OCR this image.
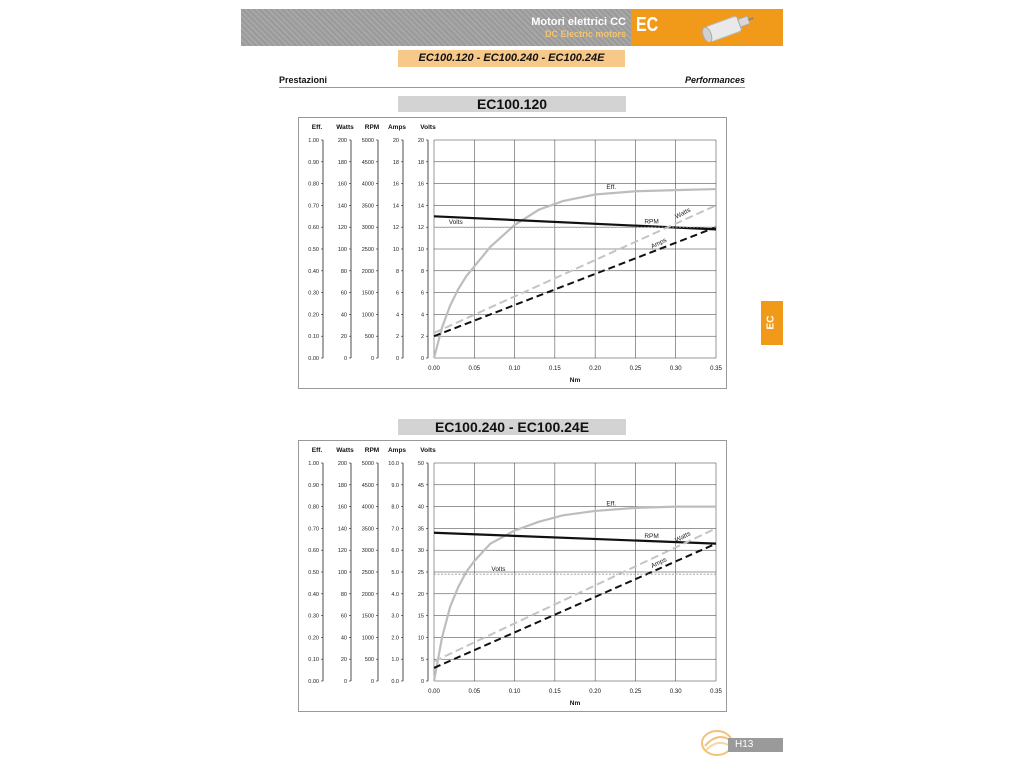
Motori elettrici CC
DC Electric motors EC
EC100.120 - EC100.240 - EC100.24E
Prestazioni	Performances
EC100.120
Eff.
1.00
0.90
0.80
0.70
0.60
0.50
0.40
0.30
0.20
0.10
0.00
Watts
200
180
160
140
120
100
80
60
40
20
0
RPM
5000
4500
4000
3500
3000
2500
2000
1500
1000
500
0
Amps
20
18
16
14
12
10
8
6
4
2
0
Volts
20
18
16
14
12
10
8
6
4
2
0
0.00	0.05	0.10	0.15	0.20	0.25	0.30	0.35
Nm
Eff.
RPM
Watts
Amps
Volts
EC100.240 - EC100.24E
Eff.
1.00
0.90
0.80
0.70
0.60
0.50
0.40
0.30
0.20
0.10
0.00
Watts
200
180
160
140
120
100
80
60
40
20
0
RPM
5000
4500
4000
3500
3000
2500
2000
1500
1000
500
0
Amps
10.0
9.0
8.0
7.0
6.0
5.0
4.0
3.0
2.0
1.0
0.0
Volts
50
45
40
35
30
25
20
15
10
5
0
0.00	0.05	0.10	0.15	0.20	0.25	0.30	0.35
Nm
Eff.
RPM Watts
Amps
Volts
EC
H13
